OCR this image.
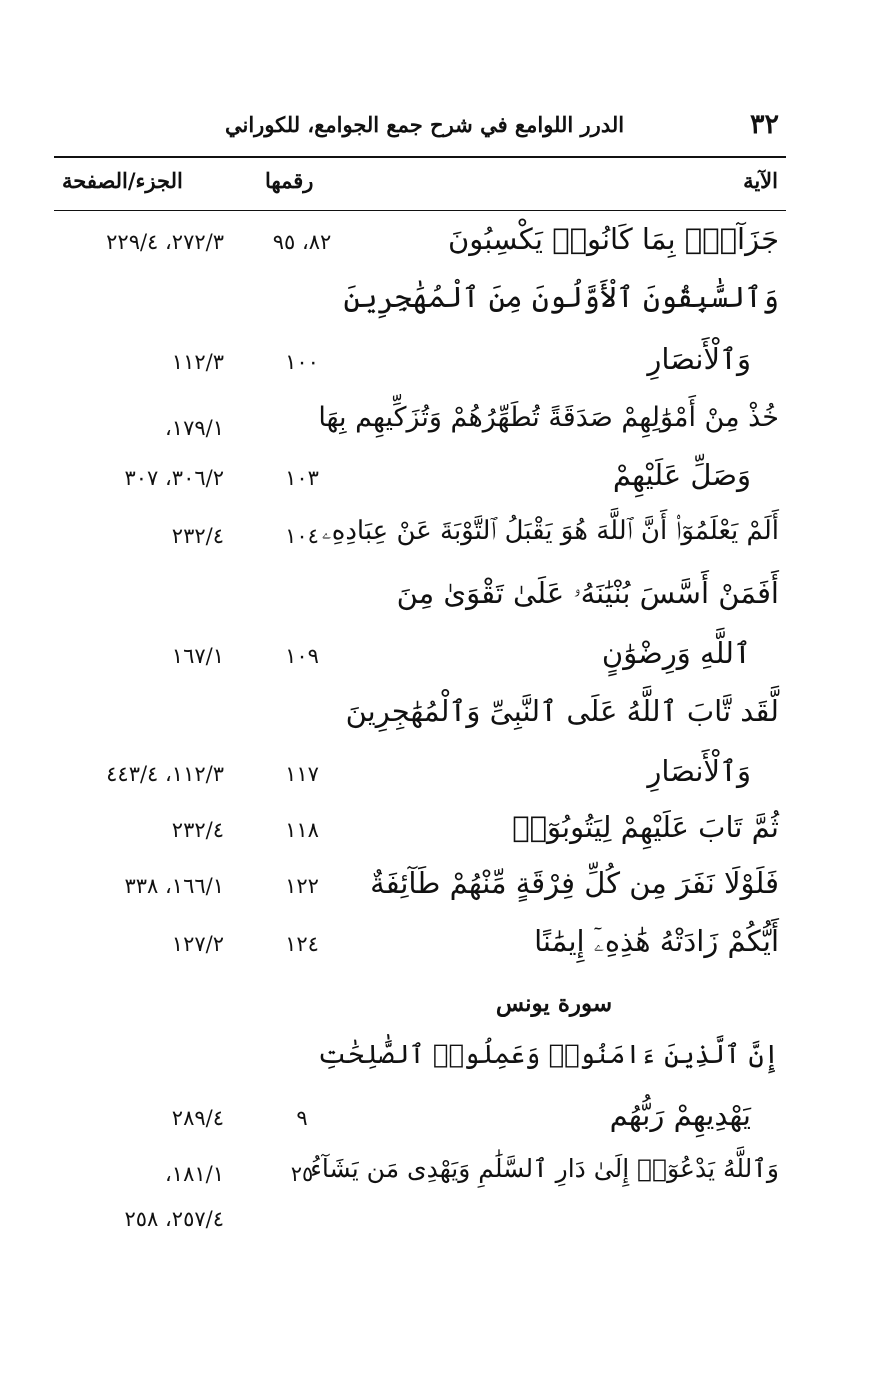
الدرر اللوامع في شرح جمع الجوامع، للكوراني	٣٢
الآية
رقمها
الجزء/الصفحة
جَزَآءَۢ بِمَا كَانُوا۟ يَكْسِبُونَ
٨٢، ٩٥
٢٧٢/٣، ٢٢٩/٤
وَٱلسَّٰبِقُونَ ٱلْأَوَّلُونَ مِنَ ٱلْمُهَٰجِرِينَ
وَٱلْأَنصَارِ
١٠٠
١١٢/٣
خُذْ مِنْ أَمْوَٰلِهِمْ صَدَقَةً تُطَهِّرُهُمْ وَتُزَكِّيهِم بِهَا
١٧٩/١،
وَصَلِّ عَلَيْهِمْ
١٠٣
٣٠٦/٢، ٣٠٧
أَلَمْ يَعْلَمُوٓا۟ أَنَّ ٱللَّهَ هُوَ يَقْبَلُ ٱلتَّوْبَةَ عَنْ عِبَادِهِۦ
١٠٤
٢٣٢/٤
أَفَمَنْ أَسَّسَ بُنْيَٰنَهُۥ عَلَىٰ تَقْوَىٰ مِنَ
ٱللَّهِ وَرِضْوَٰنٍ
١٠٩
١٦٧/١
لَّقَد تَّابَ ٱللَّهُ عَلَى ٱلنَّبِىِّ وَٱلْمُهَٰجِرِينَ
وَٱلْأَنصَارِ
١١٧
١١٢/٣، ٤٤٣/٤
ثُمَّ تَابَ عَلَيْهِمْ لِيَتُوبُوٓا۟
١١٨
٢٣٢/٤
فَلَوْلَا نَفَرَ مِن كُلِّ فِرْقَةٍ مِّنْهُمْ طَآئِفَةٌ
١٢٢
١٦٦/١، ٣٣٨
أَيُّكُمْ زَادَتْهُ هَٰذِهِۦٓ إِيمَٰنًا
١٢٤
١٢٧/٢
سورة يونس
إِنَّ ٱلَّذِينَ ءَامَنُوا۟ وَعَمِلُوا۟ ٱلصَّٰلِحَٰتِ
يَهْدِيهِمْ رَبُّهُم
٩
٢٨٩/٤
وَٱللَّهُ يَدْعُوٓا۟ إِلَىٰ دَارِ ٱلسَّلَٰمِ وَيَهْدِى مَن يَشَآءُ
٢٥
١٨١/١،
٢٥٧/٤، ٢٥٨
